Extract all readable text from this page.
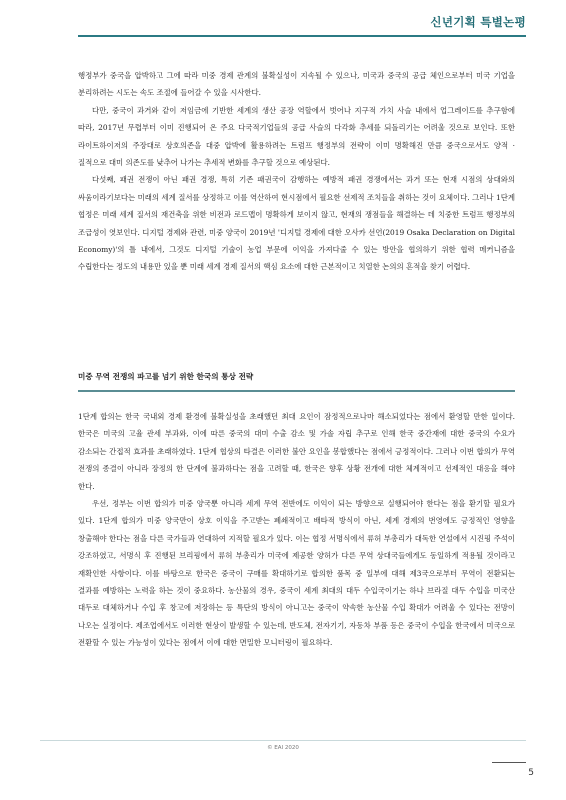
신년기획 특별논평

행정부가 중국을 압박하고 그에 따라 미중 경제 관계의 불확실성이 지속될 수 있으나, 미국과 중국의 공급 체인으로부터 미국 기업을 분리하려는 시도는 속도 조절에 들어갈 수 있을 시사한다.

다만, 중국이 과거와 같이 저임금에 기반한 세계의 생산 공장 역할에서 벗어나 지구적 가치 사슬 내에서 업그레이드를 추구함에 따라, 2017년 무렵부터 이미 진행되어 온 주요 다국적기업들의 공급 사슬의 다각화 추세를 되돌리기는 어려울 것으로 보인다. 또한 라이트하이저의 주장대로 상호의존을 대중 압박에 활용하려는 트럼프 행정부의 전략이 이미 명확해진 만큼 중국으로서도 양적 · 질적으로 대미 의존도를 낮추어 나가는 추세적 변화를 추구할 것으로 예상된다.

다섯째, 패권 전쟁이 아닌 패권 경쟁, 특히 기존 패권국이 감행하는 예방적 패권 경쟁에서는 과거 또는 현재 시점의 상대와의 싸움이라기보다는 미래의 세계 질서를 상정하고 이를 역산하여 현시점에서 필요한 선제적 조치들을 취하는 것이 요체이다. 그러나 1단계 협정은 미래 세계 질서의 재건축을 위한 비전과 로드맵이 명확하게 보이지 않고, 현재의 쟁점들을 해결하는 데 치중한 트럼프 행정부의 조급성이 엿보인다. 디지털 경제와 관련, 미중 양국이 2019년 '디지털 경제에 대한 오사카 선언(2019 Osaka Declaration on Digital Economy)'의 틀 내에서, 그것도 디지털 기술이 농업 부문에 이익을 가져다줄 수 있는 방안을 협의하기 위한 협력 메커니즘을 수립한다는 정도의 내용만 있을 뿐 미래 세계 경제 질서의 핵심 요소에 대한 근본적이고 치열한 논의의 흔적을 찾기 어렵다.

미중 무역 전쟁의 파고를 넘기 위한 한국의 통상 전략

1단계 합의는 한국 국내외 경제 환경에 불확실성을 초래했던 최대 요인이 잠정적으로나마 해소되었다는 점에서 환영할 만한 일이다. 한국은 미국의 고율 관세 부과와, 이에 따른 중국의 대미 수출 감소 및 가솔 자립 추구로 인해 한국 중간재에 대한 중국의 수요가 감소되는 간접적 효과를 초래하였다. 1단계 협상의 타결은 이러한 불안 요인을 봉합했다는 점에서 긍정적이다. 그러나 이번 합의가 무역 전쟁의 종결이 아니라 장정의 한 단계에 불과하다는 점을 고려할 때, 한국은 향후 상황 전개에 대한 체계적이고 선제적인 대응을 해야 한다.

우선, 정부는 이번 합의가 미중 양국뿐 아니라 세계 무역 전반에도 이익이 되는 방향으로 실행되어야 한다는 점을 환기할 필요가 있다. 1단계 합의가 미중 양국만이 상호 이익을 주고받는 폐쇄적이고 배타적 방식이 아닌, 세계 경제의 번영에도 긍정적인 영향을 창출해야 한다는 점을 다른 국가들과 연대하여 지적할 필요가 있다. 이는 협정 서명식에서 류허 부총리가 대독한 연설에서 시진핑 주석이 강조하였고, 서명식 후 진행된 브리핑에서 류허 부총리가 미국에 제공한 양허가 다른 무역 상대국들에게도 동일하게 적용될 것이라고 재확인한 사항이다. 이를 바탕으로 한국은 중국이 구매를 확대하기로 합의한 품목 중 일부에 대해 제3국으로부터 무역이 전환되는 결과를 예방하는 노력을 하는 것이 중요하다. 농산물의 경우, 중국이 세계 최대의 대두 수입국이기는 하나 브라질 대두 수입을 미국산 대두로 대체하거나 수입 후 창고에 저장하는 등 특단의 방식이 아니고는 중국이 약속한 농산물 수입 확대가 어려울 수 있다는 전망이 나오는 실정이다. 제조업에서도 이러한 현상이 발생할 수 있는데, 반도체, 전자기기, 자동차 부품 등은 중국이 수입을 한국에서 미국으로 전환할 수 있는 가능성이 있다는 점에서 이에 대한 면밀한 모니터링이 필요하다.

© EAI 2020
5
